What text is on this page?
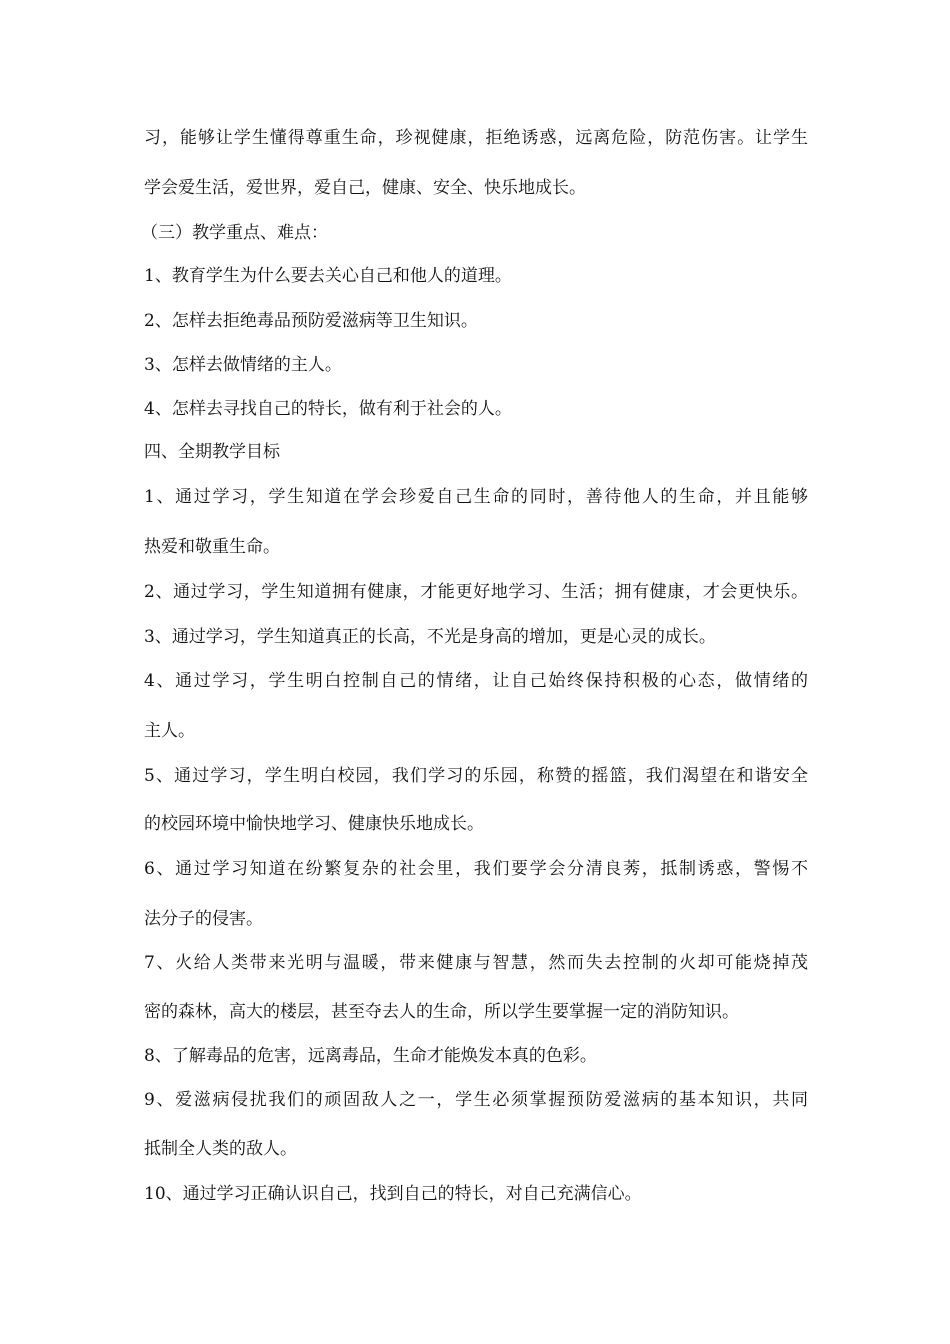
习，能够让学生懂得尊重生命，珍视健康，拒绝诱惑，远离危险，防范伤害。让学生
学会爱生活，爱世界，爱自己，健康、安全、快乐地成长。
（三）教学重点、难点：
1、教育学生为什么要去关心自己和他人的道理。
2、怎样去拒绝毒品预防爱滋病等卫生知识。
3、怎样去做情绪的主人。
4、怎样去寻找自己的特长，做有利于社会的人。
四、全期教学目标
1、通过学习，学生知道在学会珍爱自己生命的同时，善待他人的生命，并且能够
热爱和敬重生命。
2、通过学习，学生知道拥有健康，才能更好地学习、生活；拥有健康，才会更快乐。
3、通过学习，学生知道真正的长高，不光是身高的增加，更是心灵的成长。
4、通过学习，学生明白控制自己的情绪，让自己始终保持积极的心态，做情绪的
主人。
5、通过学习，学生明白校园，我们学习的乐园，称赞的摇篮，我们渴望在和谐安全
的校园环境中愉快地学习、健康快乐地成长。
6、通过学习知道在纷繁复杂的社会里，我们要学会分清良莠，抵制诱惑，警惕不
法分子的侵害。
7、火给人类带来光明与温暖，带来健康与智慧，然而失去控制的火却可能烧掉茂
密的森林，高大的楼层，甚至夺去人的生命，所以学生要掌握一定的消防知识。
8、了解毒品的危害，远离毒品，生命才能焕发本真的色彩。
9、爱滋病侵扰我们的顽固敌人之一，学生必须掌握预防爱滋病的基本知识，共同
抵制全人类的敌人。
10、通过学习正确认识自己，找到自己的特长，对自己充满信心。
